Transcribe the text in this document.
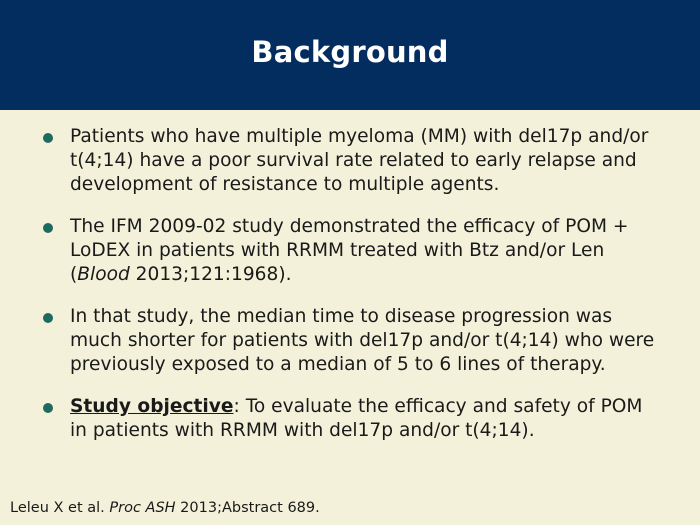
Background
Patients who have multiple myeloma (MM) with del17p and/or t(4;14) have a poor survival rate related to early relapse and development of resistance to multiple agents.
The IFM 2009-02 study demonstrated the efficacy of POM + LoDEX in patients with RRMM treated with Btz and/or Len (Blood 2013;121:1968).
In that study, the median time to disease progression was much shorter for patients with del17p and/or t(4;14) who were previously exposed to a median of 5 to 6 lines of therapy.
Study objective: To evaluate the efficacy and safety of POM in patients with RRMM with del17p and/or t(4;14).
Leleu X et al. Proc ASH 2013;Abstract 689.
